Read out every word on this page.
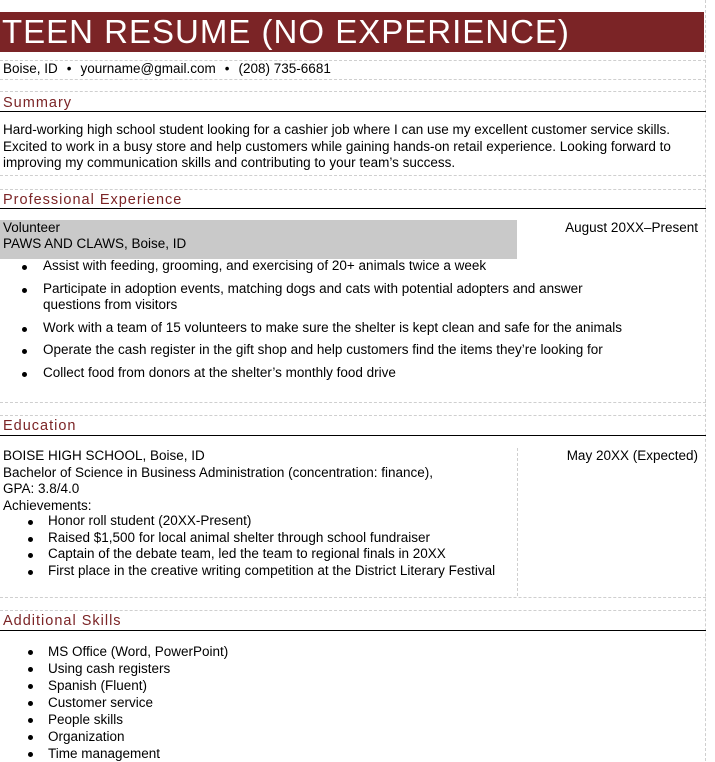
TEEN RESUME (NO EXPERIENCE)
Boise, ID • yourname@gmail.com • (208) 735-6681
Summary
Hard-working high school student looking for a cashier job where I can use my excellent customer service skills. Excited to work in a busy store and help customers while gaining hands-on retail experience. Looking forward to improving my communication skills and contributing to your team’s success.
Professional Experience
Volunteer
PAWS AND CLAWS, Boise, ID
August 20XX–Present
Assist with feeding, grooming, and exercising of 20+ animals twice a week
Participate in adoption events, matching dogs and cats with potential adopters and answer questions from visitors
Work with a team of 15 volunteers to make sure the shelter is kept clean and safe for the animals
Operate the cash register in the gift shop and help customers find the items they’re looking for
Collect food from donors at the shelter’s monthly food drive
Education
BOISE HIGH SCHOOL, Boise, ID
Bachelor of Science in Business Administration (concentration: finance),
GPA: 3.8/4.0
Achievements:
May 20XX (Expected)
Honor roll student (20XX-Present)
Raised $1,500 for local animal shelter through school fundraiser
Captain of the debate team, led the team to regional finals in 20XX
First place in the creative writing competition at the District Literary Festival
Additional Skills
MS Office (Word, PowerPoint)
Using cash registers
Spanish (Fluent)
Customer service
People skills
Organization
Time management
